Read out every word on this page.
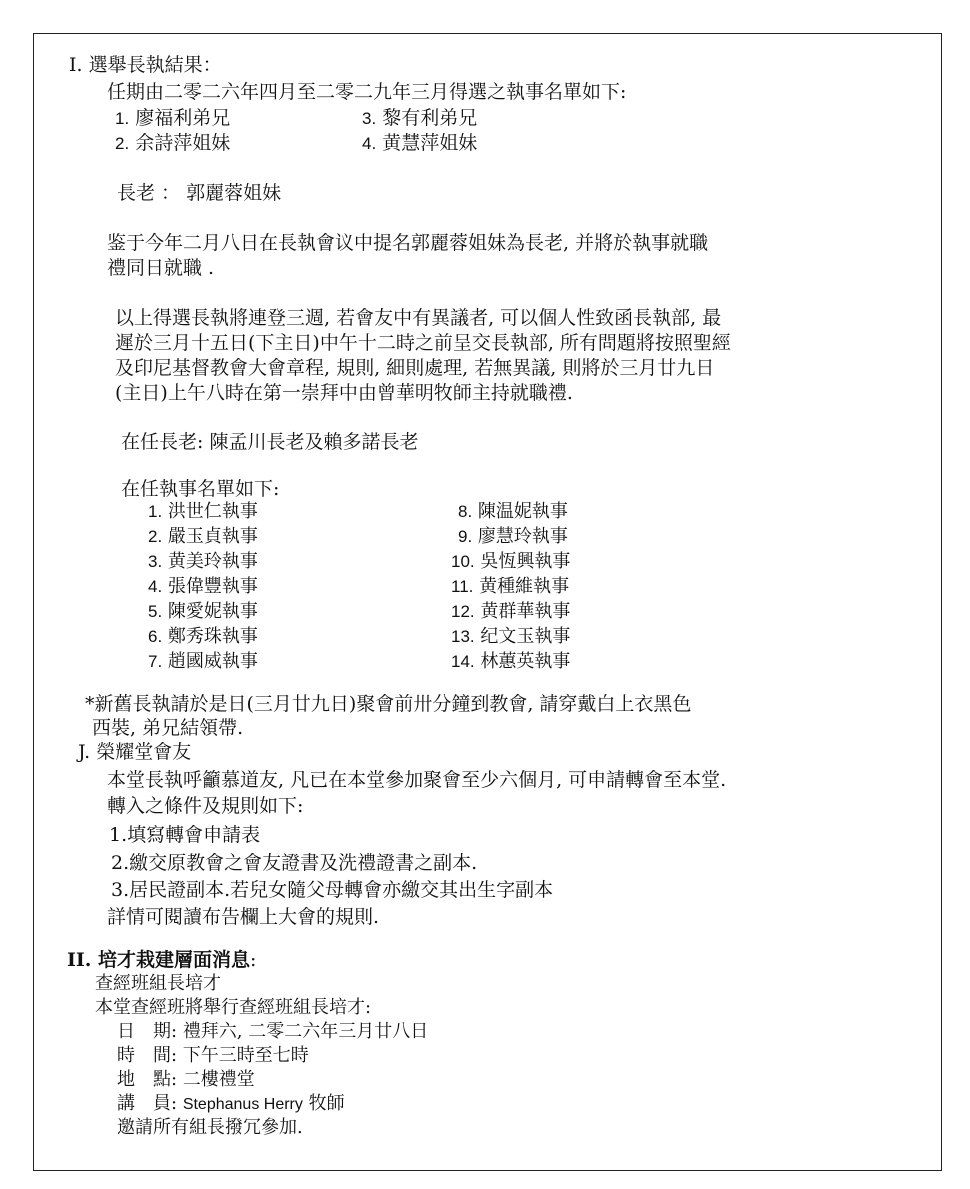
I. 選舉長執結果：
任期由二零二六年四月至二零二九年三月得選之執事名單如下:
1. 廖福利弟兄	3. 黎有利弟兄
2. 余詩萍姐妹	4. 黄慧萍姐妹
長老 ： 郭麗蓉姐妹
鉴于今年二月八日在長執會议中提名郭麗蓉姐妹為長老, 并將於執事就職
禮同日就職 .
以上得選長執將連登三週, 若會友中有異議者, 可以個人性致函長執部, 最
遲於三月十五日(下主日)中午十二時之前呈交長執部, 所有問題將按照聖經
及印尼基督教會大會章程, 規則, 細則處理, 若無異議, 則將於三月廿九日
(主日)上午八時在第一崇拜中由曾華明牧師主持就職禮.
在任長老: 陳孟川長老及賴多諾長老
在任執事名單如下:
1. 洪世仁執事
2. 嚴玉貞執事
3. 黄美玲執事
4. 張偉豐執事
5. 陳愛妮執事
6. 鄭秀珠執事
7. 趙國威執事
8. 陳温妮執事
9. 廖慧玲執事
10. 吳恆興執事
11. 黄種維執事
12. 黄群華執事
13. 纪文玉執事
14. 林蕙英執事
*新舊長執請於是日(三月廿九日)聚會前卅分鐘到教會, 請穿戴白上衣黑色
西裝, 弟兄結領帶.
J. 榮耀堂會友
本堂長執呼籲慕道友, 凡已在本堂參加聚會至少六個月, 可申請轉會至本堂.
轉入之條件及規則如下:
1.填寫轉會申請表
2.繳交原教會之會友證書及洗禮證書之副本.
3.居民證副本.若兒女隨父母轉會亦繳交其出生字副本
詳情可閱讀布告欄上大會的規則.
II. 培才栽建層面消息:
查經班組長培才
本堂查經班將舉行查經班組長培才:
日　期: 禮拜六, 二零二六年三月廿八日
時　間: 下午三時至七時
地　點: 二樓禮堂
講　員: Stephanus Herry 牧師
邀請所有組長撥冗參加.
